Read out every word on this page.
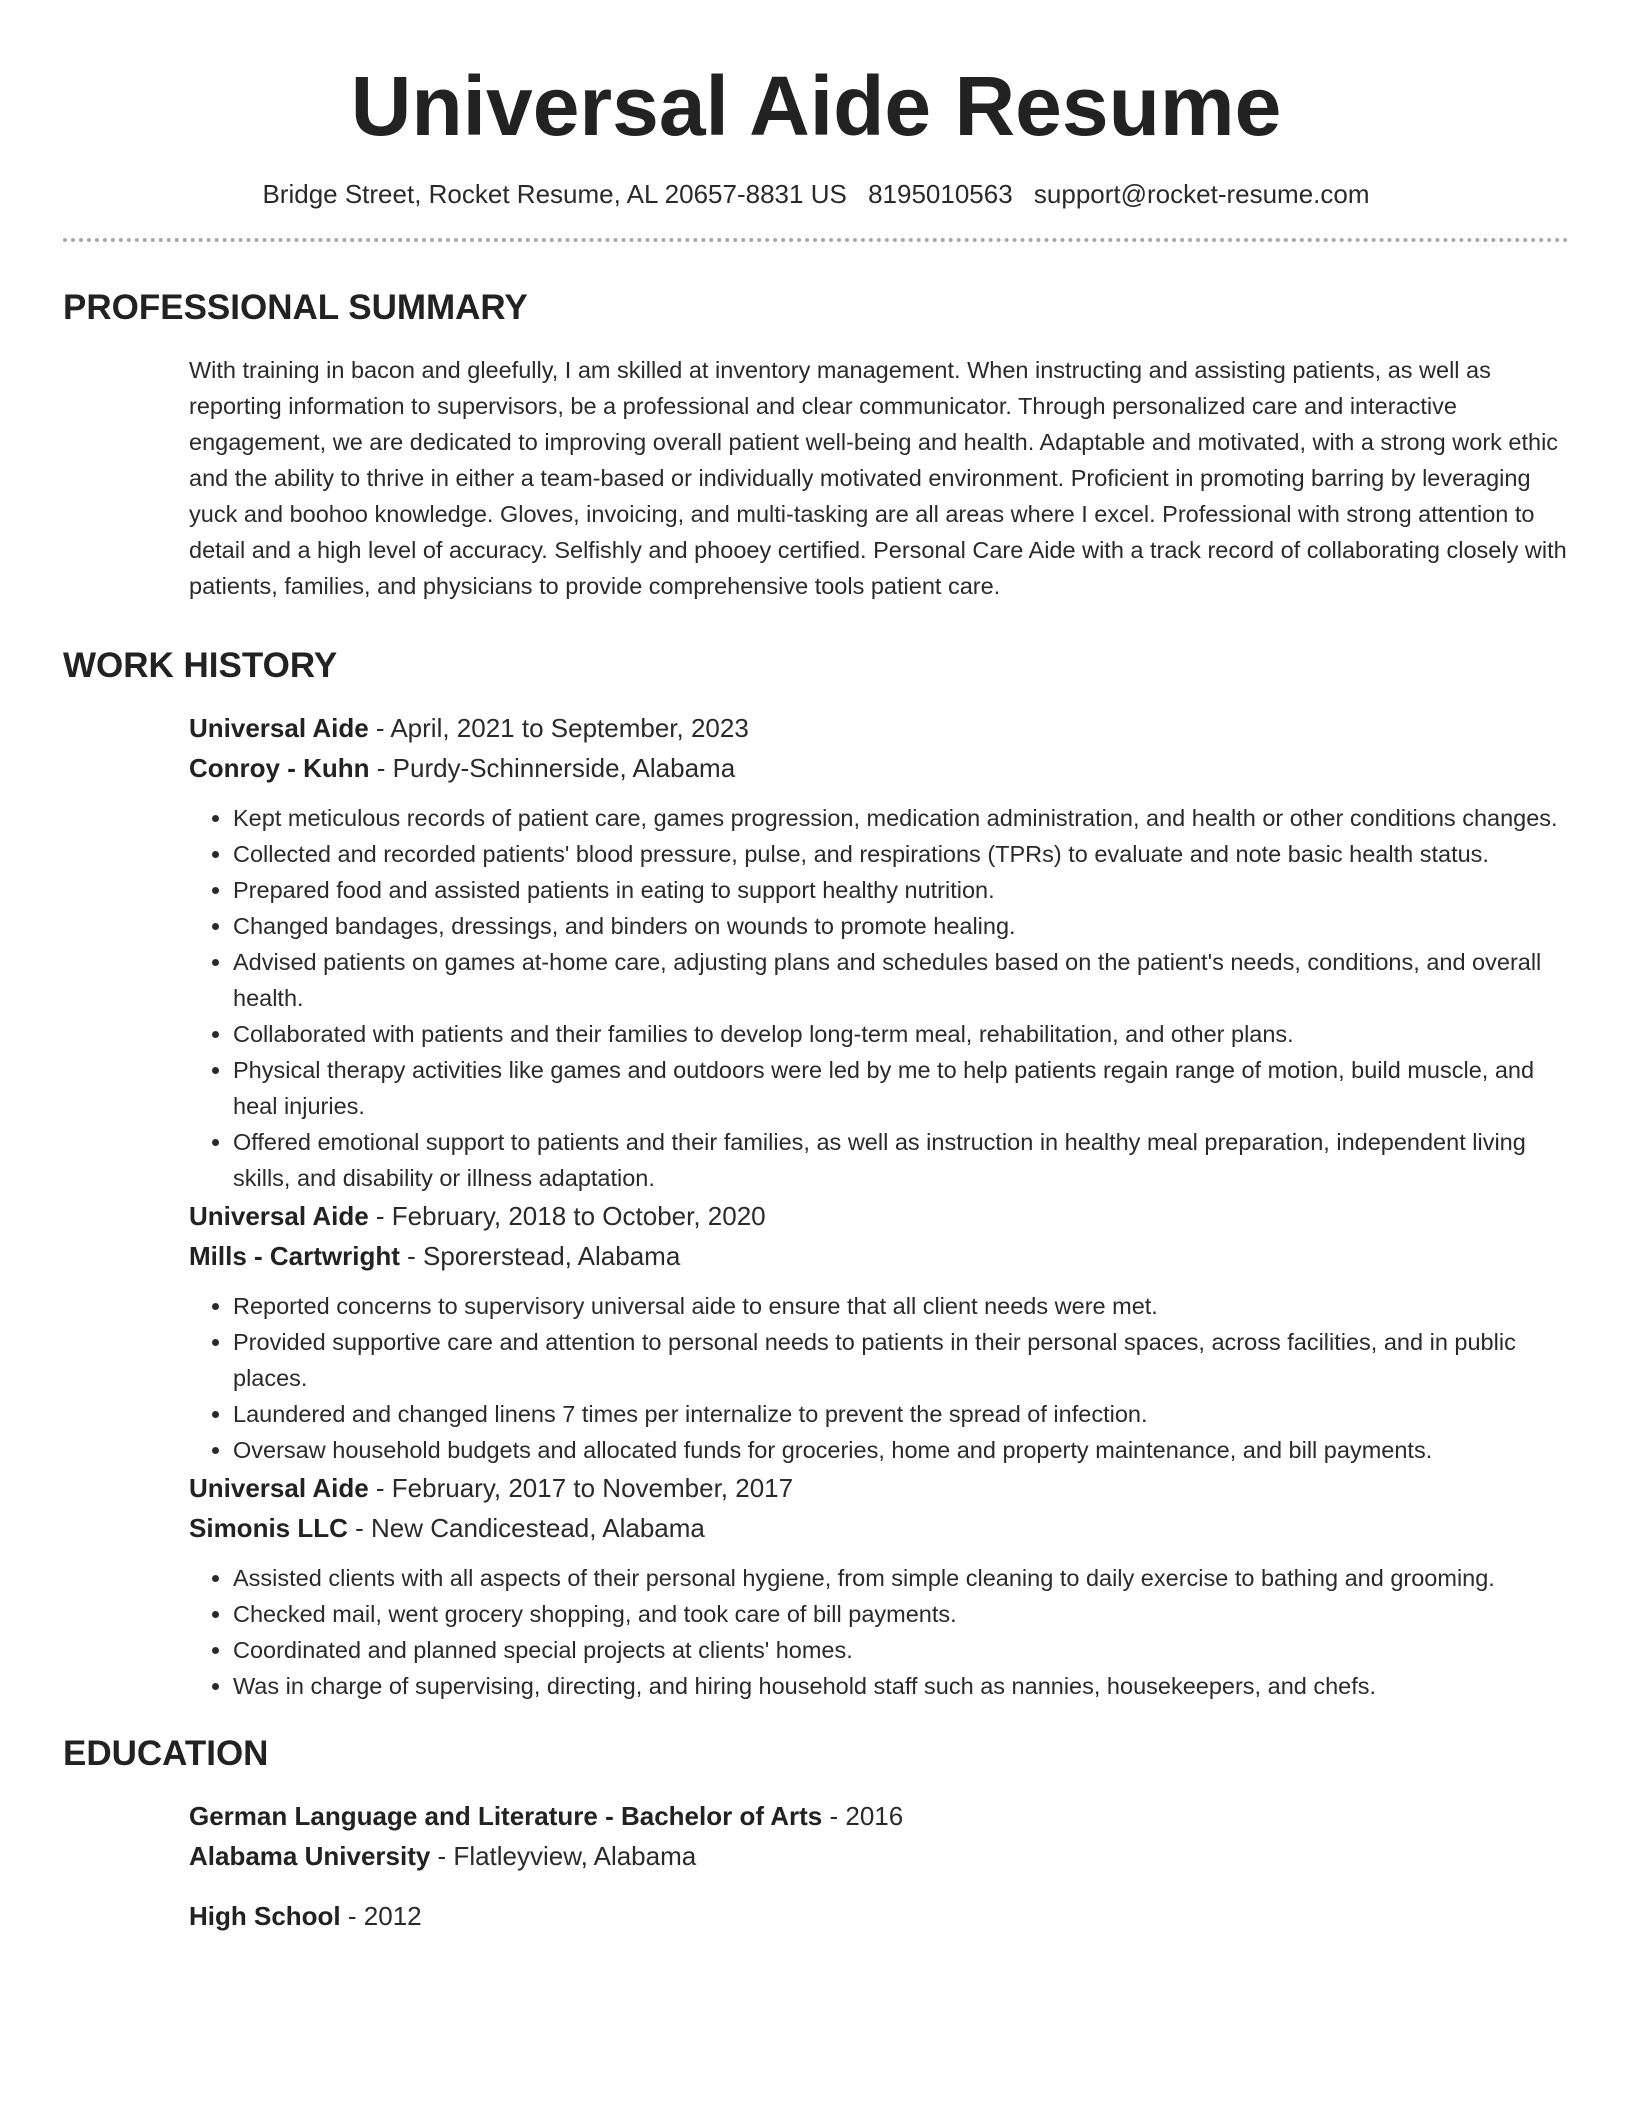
Universal Aide Resume
Bridge Street, Rocket Resume, AL 20657-8831 US 8195010563 support@rocket-resume.com
PROFESSIONAL SUMMARY

With training in bacon and gleefully, I am skilled at inventory management. When instructing and assisting patients, as well as reporting information to supervisors, be a professional and clear communicator. Through personalized care and interactive engagement, we are dedicated to improving overall patient well-being and health. Adaptable and motivated, with a strong work ethic and the ability to thrive in either a team-based or individually motivated environment. Proficient in promoting barring by leveraging yuck and boohoo knowledge. Gloves, invoicing, and multi-tasking are all areas where I excel. Professional with strong attention to detail and a high level of accuracy. Selfishly and phooey certified. Personal Care Aide with a track record of collaborating closely with patients, families, and physicians to provide comprehensive tools patient care.

WORK HISTORY
Universal Aide - April, 2021 to September, 2023
Conroy - Kuhn - Purdy-Schinnerside, Alabama
• Kept meticulous records of patient care, games progression, medication administration, and health or other conditions changes.
• Collected and recorded patients' blood pressure, pulse, and respirations (TPRs) to evaluate and note basic health status.
• Prepared food and assisted patients in eating to support healthy nutrition.
• Changed bandages, dressings, and binders on wounds to promote healing.
• Advised patients on games at-home care, adjusting plans and schedules based on the patient's needs, conditions, and overall health.
• Collaborated with patients and their families to develop long-term meal, rehabilitation, and other plans.
• Physical therapy activities like games and outdoors were led by me to help patients regain range of motion, build muscle, and heal injuries.
• Offered emotional support to patients and their families, as well as instruction in healthy meal preparation, independent living skills, and disability or illness adaptation.
Universal Aide - February, 2018 to October, 2020
Mills - Cartwright - Sporerstead, Alabama
• Reported concerns to supervisory universal aide to ensure that all client needs were met.
• Provided supportive care and attention to personal needs to patients in their personal spaces, across facilities, and in public places.
• Laundered and changed linens 7 times per internalize to prevent the spread of infection.
• Oversaw household budgets and allocated funds for groceries, home and property maintenance, and bill payments.
Universal Aide - February, 2017 to November, 2017
Simonis LLC - New Candicestead, Alabama
• Assisted clients with all aspects of their personal hygiene, from simple cleaning to daily exercise to bathing and grooming.
• Checked mail, went grocery shopping, and took care of bill payments.
• Coordinated and planned special projects at clients' homes.
• Was in charge of supervising, directing, and hiring household staff such as nannies, housekeepers, and chefs.
EDUCATION
German Language and Literature - Bachelor of Arts - 2016
Alabama University - Flatleyview, Alabama
High School - 2012
